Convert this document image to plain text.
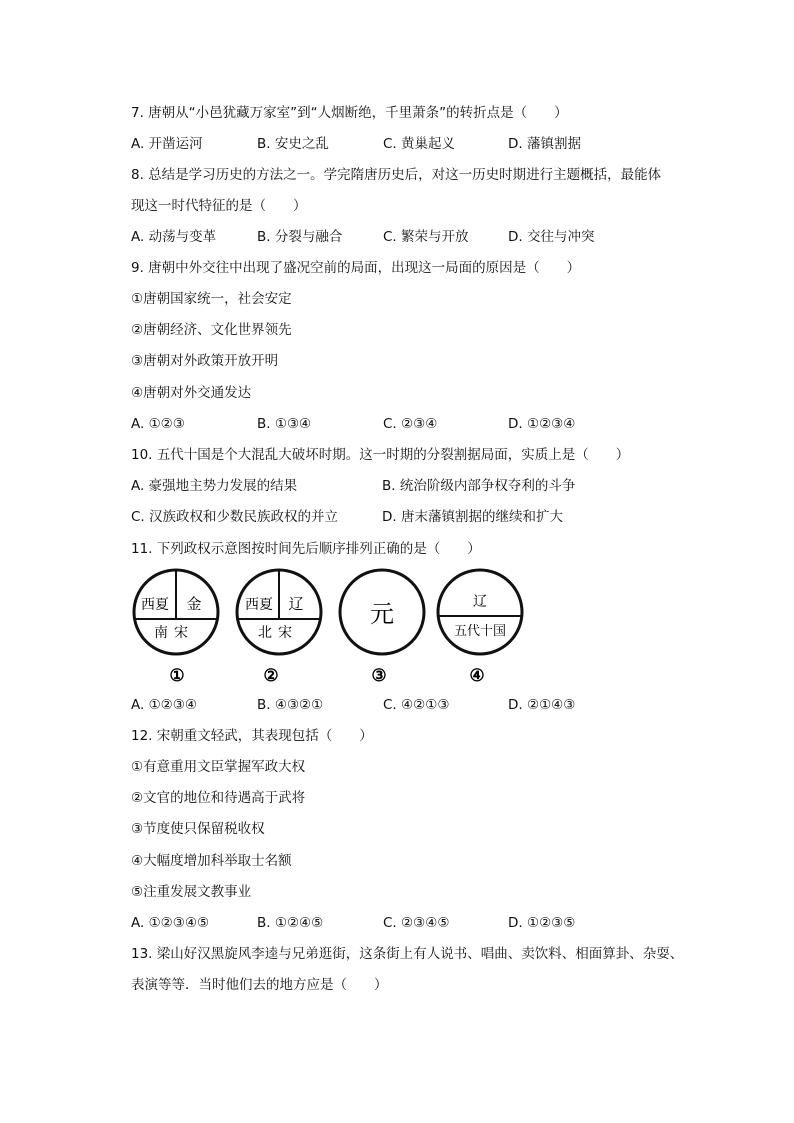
7. 唐朝从“小邑犹藏万家室”到“人烟断绝，千里萧条”的转折点是（　　）
A. 开凿运河	B. 安史之乱	C. 黄巢起义	D. 藩镇割据
8. 总结是学习历史的方法之一。学完隋唐历史后，对这一历史时期进行主题概括，最能体
现这一时代特征的是（　　）
A. 动荡与变革	B. 分裂与融合	C. 繁荣与开放	D. 交往与冲突
9. 唐朝中外交往中出现了盛况空前的局面，出现这一局面的原因是（　　）
①唐朝国家统一，社会安定
②唐朝经济、文化世界领先
③唐朝对外政策开放开明
④唐朝对外交通发达
A. ①②③	B. ①③④	C. ②③④	D. ①②③④
10. 五代十国是个大混乱大破坏时期。这一时期的分裂割据局面，实质上是（　　）
A. 豪强地主势力发展的结果	B. 统治阶级内部争权夺利的斗争
C. 汉族政权和少数民族政权的并立	D. 唐末藩镇割据的继续和扩大
11. 下列政权示意图按时间先后顺序排列正确的是（　　）
西夏 金
南宋
①
西夏 辽
北宋
②
元
③
辽
五代十国
④
A. ①②③④	B. ④③②①	C. ④②①③	D. ②①④③
12. 宋朝重文轻武，其表现包括（　　）
①有意重用文臣掌握军政大权
②文官的地位和待遇高于武将
③节度使只保留税收权
④大幅度增加科举取士名额
⑤注重发展文教事业
A. ①②③④⑤	B. ①②④⑤	C. ②③④⑤	D. ①②③⑤
13. 梁山好汉黑旋风李逵与兄弟逛街，这条街上有人说书、唱曲、卖饮料、相面算卦、杂耍、
表演等等．当时他们去的地方应是（　　）
